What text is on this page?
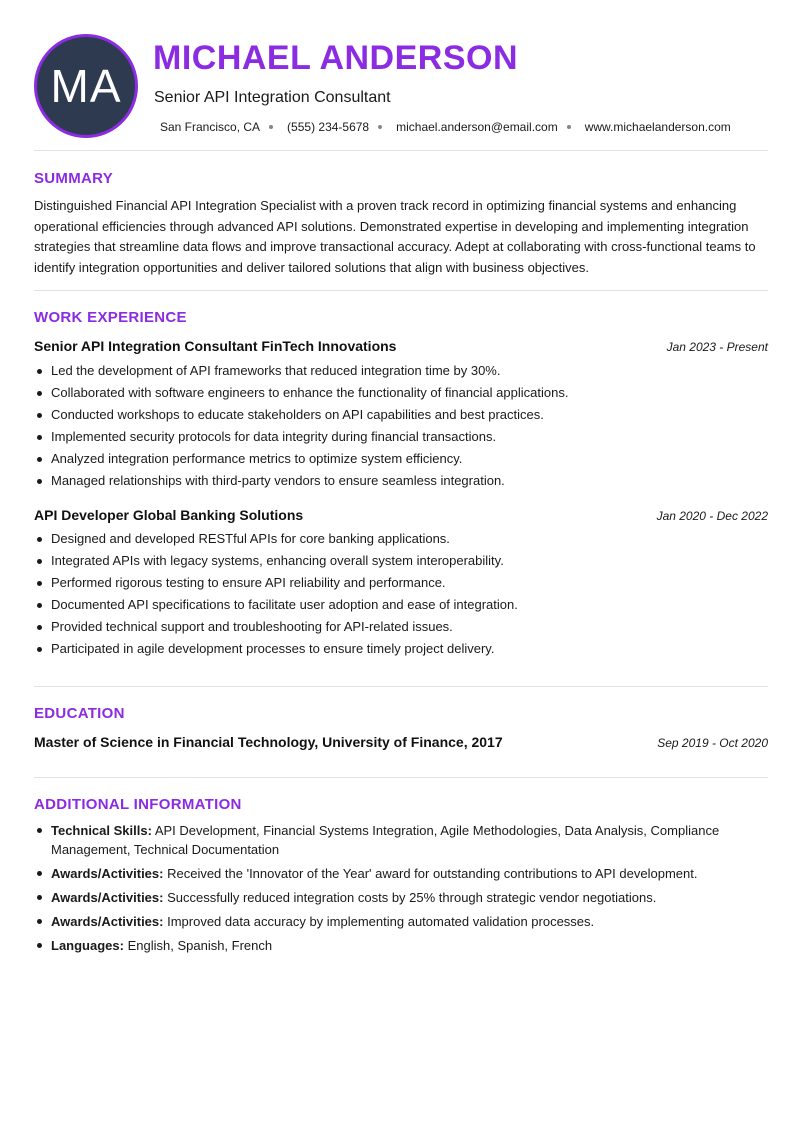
MA
MICHAEL ANDERSON
Senior API Integration Consultant
San Francisco, CA (555) 234-5678 michael.anderson@email.com www.michaelanderson.com
SUMMARY
Distinguished Financial API Integration Specialist with a proven track record in optimizing financial systems and enhancing operational efficiencies through advanced API solutions. Demonstrated expertise in developing and implementing integration strategies that streamline data flows and improve transactional accuracy. Adept at collaborating with cross-functional teams to identify integration opportunities and deliver tailored solutions that align with business objectives.
WORK EXPERIENCE
Senior API Integration Consultant FinTech Innovations	Jan 2023 - Present
Led the development of API frameworks that reduced integration time by 30%.
Collaborated with software engineers to enhance the functionality of financial applications.
Conducted workshops to educate stakeholders on API capabilities and best practices.
Implemented security protocols for data integrity during financial transactions.
Analyzed integration performance metrics to optimize system efficiency.
Managed relationships with third-party vendors to ensure seamless integration.
API Developer Global Banking Solutions	Jan 2020 - Dec 2022
Designed and developed RESTful APIs for core banking applications.
Integrated APIs with legacy systems, enhancing overall system interoperability.
Performed rigorous testing to ensure API reliability and performance.
Documented API specifications to facilitate user adoption and ease of integration.
Provided technical support and troubleshooting for API-related issues.
Participated in agile development processes to ensure timely project delivery.
EDUCATION
Master of Science in Financial Technology, University of Finance, 2017	Sep 2019 - Oct 2020
ADDITIONAL INFORMATION
Technical Skills: API Development, Financial Systems Integration, Agile Methodologies, Data Analysis, Compliance Management, Technical Documentation
Awards/Activities: Received the 'Innovator of the Year' award for outstanding contributions to API development.
Awards/Activities: Successfully reduced integration costs by 25% through strategic vendor negotiations.
Awards/Activities: Improved data accuracy by implementing automated validation processes.
Languages: English, Spanish, French
